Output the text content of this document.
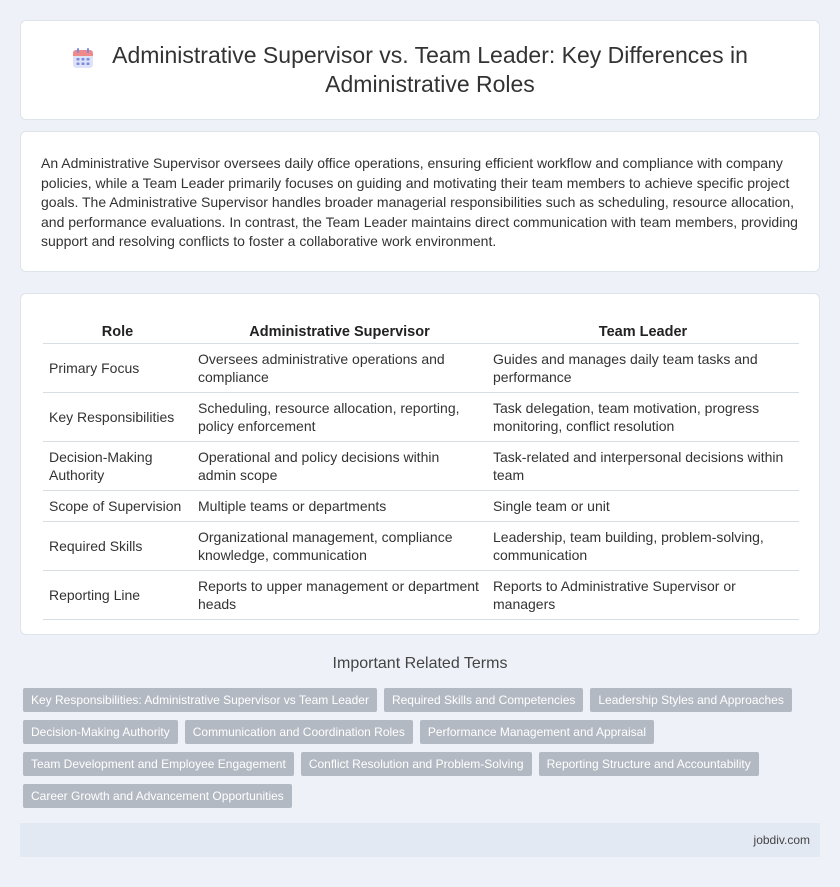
Administrative Supervisor vs. Team Leader: Key Differences in Administrative Roles

An Administrative Supervisor oversees daily office operations, ensuring efficient workflow and compliance with company policies, while a Team Leader primarily focuses on guiding and motivating their team members to achieve specific project goals. The Administrative Supervisor handles broader managerial responsibilities such as scheduling, resource allocation, and performance evaluations. In contrast, the Team Leader maintains direct communication with team members, providing support and resolving conflicts to foster a collaborative work environment.

Role	Administrative Supervisor	Team Leader
Primary Focus	Oversees administrative operations and compliance	Guides and manages daily team tasks and performance
Key Responsibilities	Scheduling, resource allocation, reporting, policy enforcement	Task delegation, team motivation, progress monitoring, conflict resolution
Decision-Making Authority	Operational and policy decisions within admin scope	Task-related and interpersonal decisions within team
Scope of Supervision	Multiple teams or departments	Single team or unit
Required Skills	Organizational management, compliance knowledge, communication	Leadership, team building, problem-solving, communication
Reporting Line	Reports to upper management or department heads	Reports to Administrative Supervisor or managers
Important Related Terms
Key Responsibilities: Administrative Supervisor vs Team Leader	Required Skills and Competencies	Leadership Styles and Approaches
Decision-Making Authority	Communication and Coordination Roles	Performance Management and Appraisal
Team Development and Employee Engagement	Conflict Resolution and Problem-Solving	Reporting Structure and Accountability
Career Growth and Advancement Opportunities
jobdiv.com
